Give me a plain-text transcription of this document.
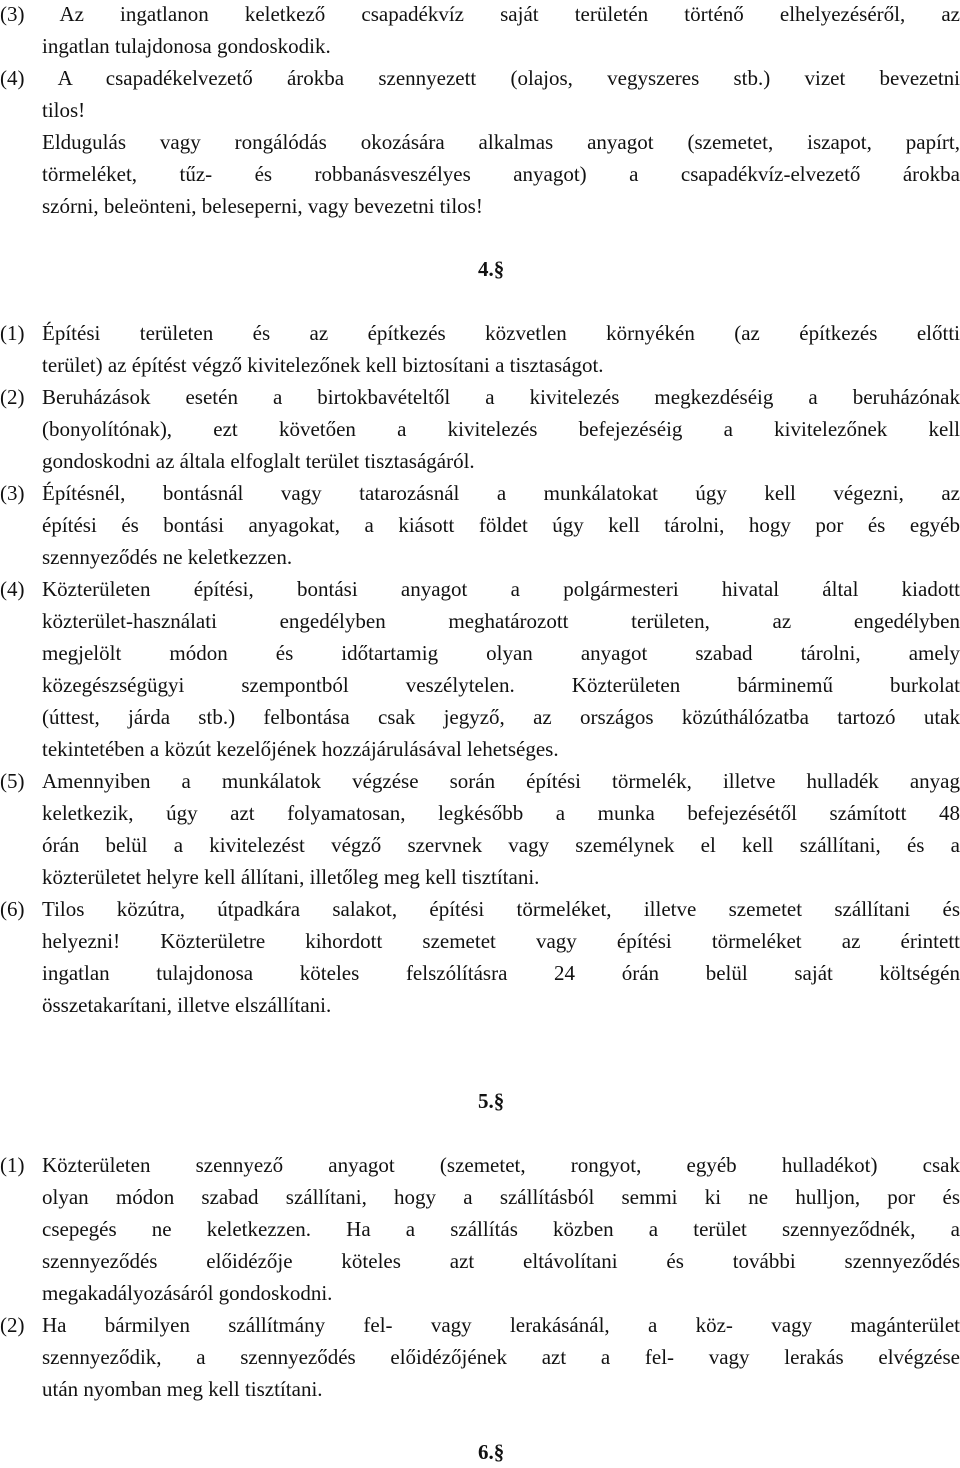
(3) Az ingatlanon keletkező csapadékvíz saját területén történő elhelyezéséről, az
ingatlan tulajdonosa gondoskodik.
(4) A csapadékelvezető árokba szennyezett (olajos, vegyszeres stb.) vizet bevezetni
tilos!
Eldugulás vagy rongálódás okozására alkalmas anyagot (szemetet, iszapot, papírt,
törmeléket, tűz- és robbanásveszélyes anyagot) a csapadékvíz-elvezető árokba
szórni, beleönteni, beleseperni, vagy bevezetni tilos!
4.§
(1) Építési területen és az építkezés közvetlen környékén (az építkezés előtti
terület) az építést végző kivitelezőnek kell biztosítani a tisztaságot.
(2) Beruházások esetén a birtokbavételtől a kivitelezés megkezdéséig a beruházónak
(bonyolítónak), ezt követően a kivitelezés befejezéséig a kivitelezőnek kell
gondoskodni az általa elfoglalt terület tisztaságáról.
(3) Építésnél, bontásnál vagy tatarozásnál a munkálatokat úgy kell végezni, az
építési és bontási anyagokat, a kiásott földet úgy kell tárolni, hogy por és egyéb
szennyeződés ne keletkezzen.
(4) Közterületen építési, bontási anyagot a polgármesteri hivatal által kiadott
közterület-használati engedélyben meghatározott területen, az engedélyben
megjelölt módon és időtartamig olyan anyagot szabad tárolni, amely
közegészségügyi szempontból veszélytelen. Közterületen bárminemű burkolat
(úttest, járda stb.) felbontása csak jegyző, az országos közúthálózatba tartozó utak
tekintetében a közút kezelőjének hozzájárulásával lehetséges.
(5) Amennyiben a munkálatok végzése során építési törmelék, illetve hulladék anyag
keletkezik, úgy azt folyamatosan, legkésőbb a munka befejezésétől számított 48
órán belül a kivitelezést végző szervnek vagy személynek el kell szállítani, és a
közterületet helyre kell állítani, illetőleg meg kell tisztítani.
(6) Tilos közútra, útpadkára salakot, építési törmeléket, illetve szemetet szállítani és
helyezni! Közterületre kihordott szemetet vagy építési törmeléket az érintett
ingatlan tulajdonosa köteles felszólításra 24 órán belül saját költségén
összetakarítani, illetve elszállítani.
5.§
(1) Közterületen szennyező anyagot (szemetet, rongyot, egyéb hulladékot) csak
olyan módon szabad szállítani, hogy a szállításból semmi ki ne hulljon, por és
csepegés ne keletkezzen. Ha a szállítás közben a terület szennyeződnék, a
szennyeződés előidézője köteles azt eltávolítani és további szennyeződés
megakadályozásáról gondoskodni.
(2) Ha bármilyen szállítmány fel- vagy lerakásánál, a köz- vagy magánterület
szennyeződik, a szennyeződés előidézőjének azt a fel- vagy lerakás elvégzése
után nyomban meg kell tisztítani.
6.§
